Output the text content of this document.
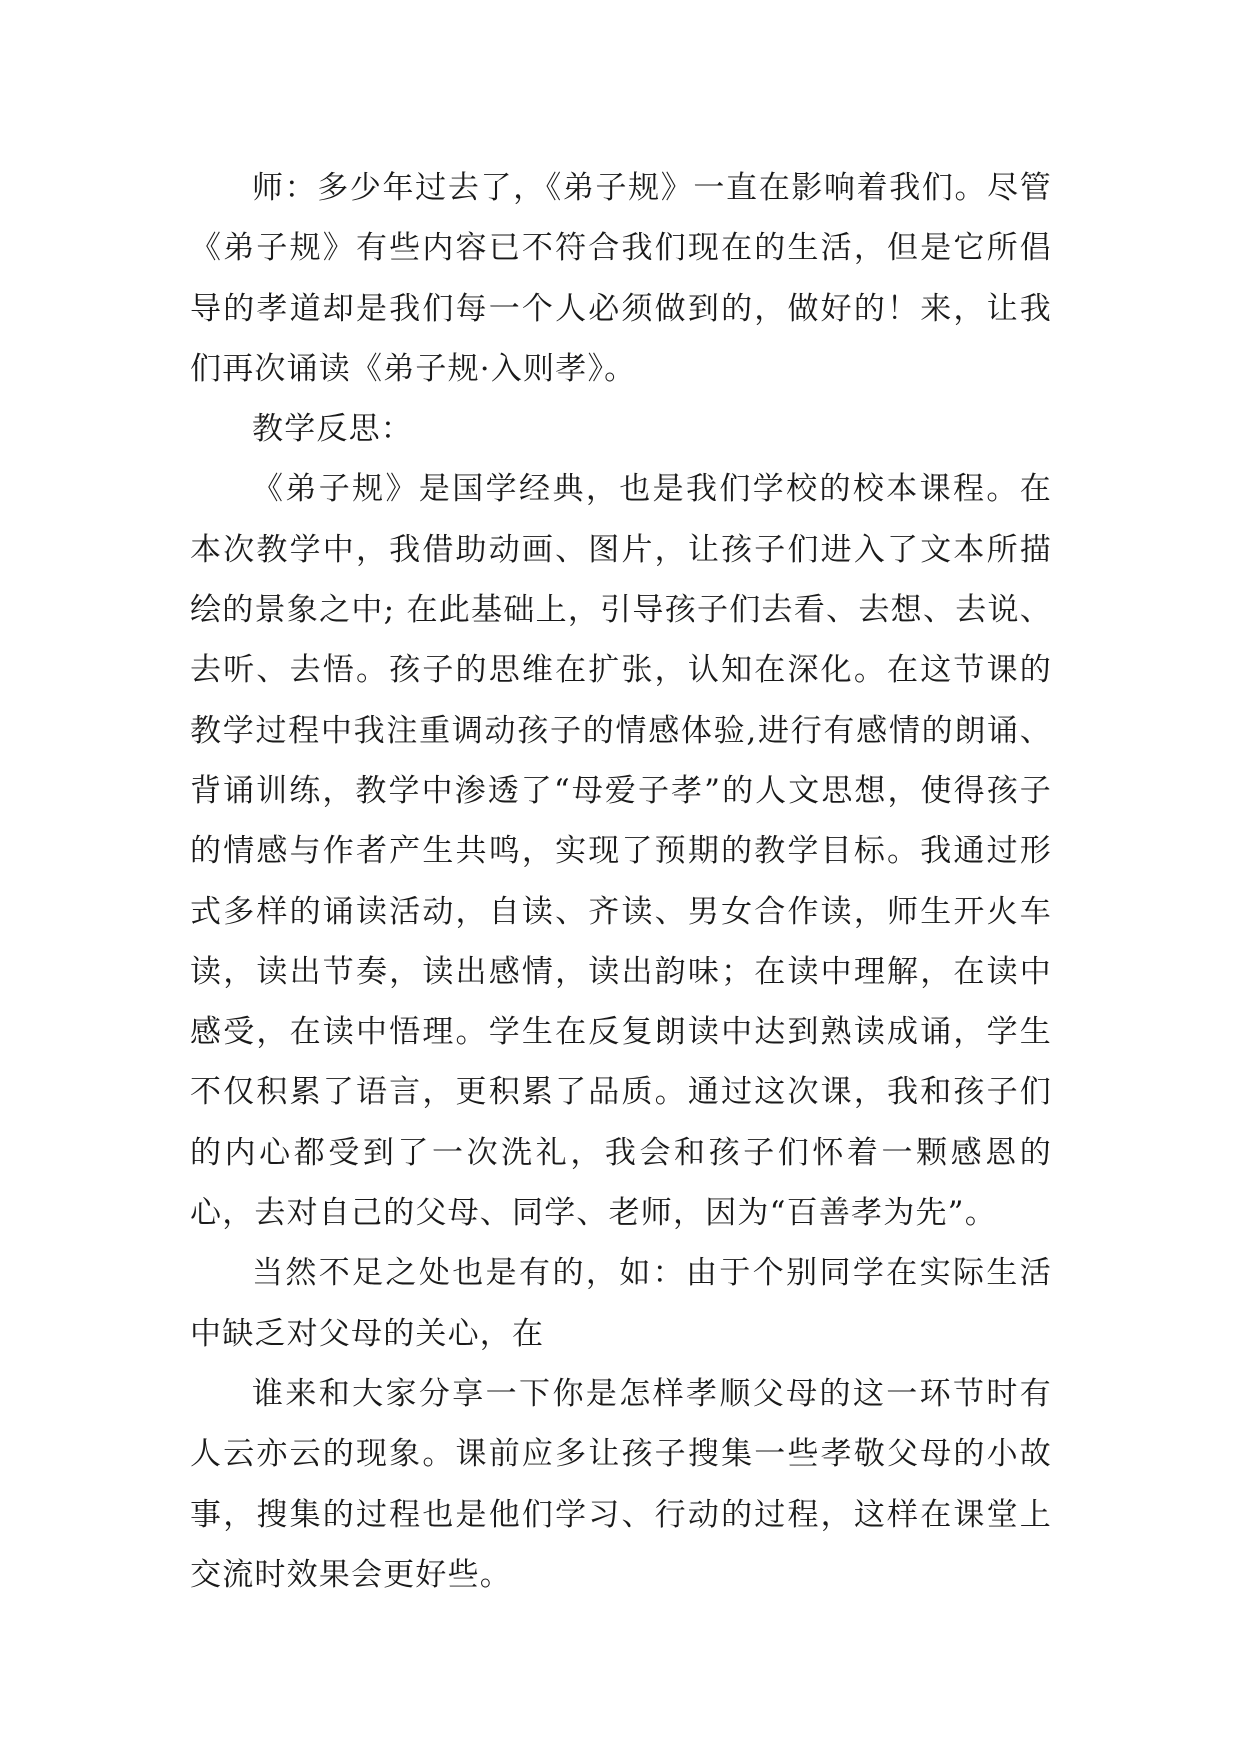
师：多少年过去了，《弟子规》一直在影响着我们。尽管《弟子规》有些内容已不符合我们现在的生活，但是它所倡导的孝道却是我们每一个人必须做到的，做好的！来，让我们再次诵读《弟子规·入则孝》。

教学反思：

《弟子规》是国学经典，也是我们学校的校本课程。在本次教学中，我借助动画、图片，让孩子们进入了文本所描绘的景象之中; 在此基础上，引导孩子们去看、去想、去说、去听、去悟。孩子的思维在扩张，认知在深化。在这节课的教学过程中我注重调动孩子的情感体验,进行有感情的朗诵、背诵训练，教学中渗透了“母爱子孝”的人文思想，使得孩子的情感与作者产生共鸣，实现了预期的教学目标。我通过形式多样的诵读活动，自读、齐读、男女合作读，师生开火车读，读出节奏，读出感情，读出韵味；在读中理解，在读中感受，在读中悟理。学生在反复朗读中达到熟读成诵，学生不仅积累了语言，更积累了品质。通过这次课，我和孩子们的内心都受到了一次洗礼，我会和孩子们怀着一颗感恩的心，去对自己的父母、同学、老师，因为“百善孝为先”。

当然不足之处也是有的，如：由于个别同学在实际生活中缺乏对父母的关心，在

谁来和大家分享一下你是怎样孝顺父母的这一环节时有人云亦云的现象。课前应多让孩子搜集一些孝敬父母的小故事，搜集的过程也是他们学习、行动的过程，这样在课堂上交流时效果会更好些。
